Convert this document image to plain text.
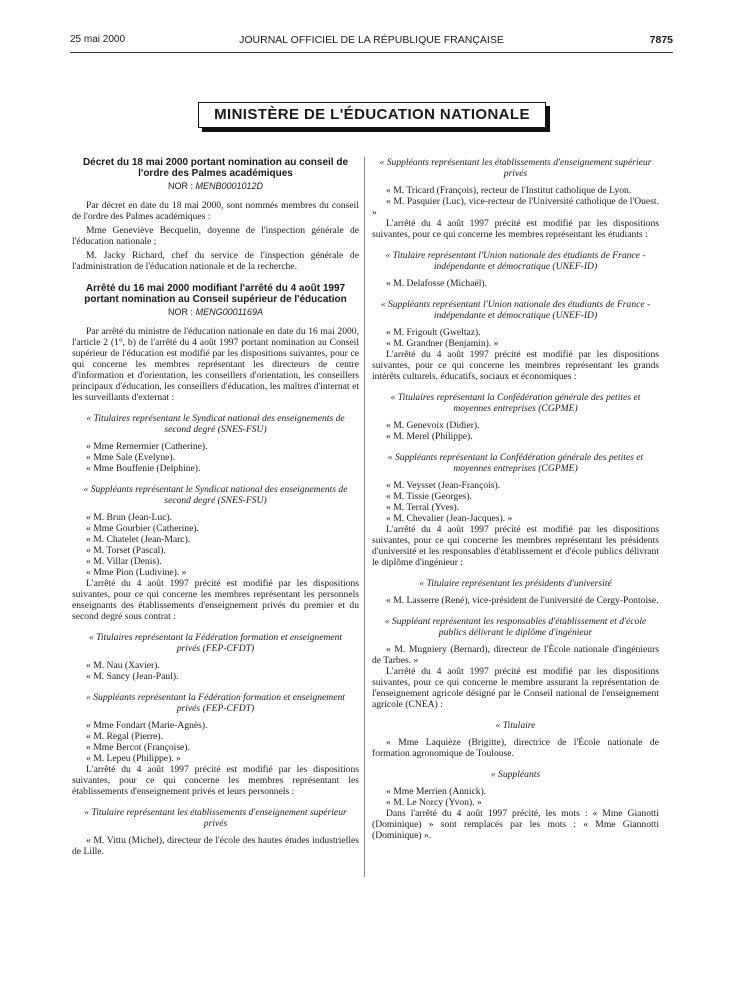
25 mai 2000	JOURNAL OFFICIEL DE LA RÉPUBLIQUE FRANÇAISE	7875
MINISTÈRE DE L'ÉDUCATION NATIONALE
Décret du 18 mai 2000 portant nomination au conseil de l'ordre des Palmes académiques
NOR : MENB0001012D

Par décret en date du 18 mai 2000, sont nommés membres du conseil de l'ordre des Palmes académiques :

Mme Geneviève Becquelin, doyenne de l'inspection générale de l'éducation nationale ;

M. Jacky Richard, chef du service de l'inspection générale de l'administration de l'éducation nationale et de la recherche.

Arrêté du 16 mai 2000 modifiant l'arrêté du 4 août 1997 portant nomination au Conseil supérieur de l'éducation
NOR : MENG0001169A

Par arrêté du ministre de l'éducation nationale en date du 16 mai 2000, l'article 2 (1°, b) de l'arrêté du 4 août 1997 portant nomination au Conseil supérieur de l'éducation est modifié par les dispositions suivantes, pour ce qui concerne les membres représentant les directeurs de centre d'information et d'orientation, les conseillers d'orientation, les conseillers principaux d'éducation, les conseillers d'éducation, les maîtres d'internat et les surveillants d'externat :

« Titulaires représentant le Syndicat national des enseignements de second degré (SNES-FSU)

« Mme Remermier (Catherine).

« Mme Sale (Evelyne).

« Mme Bouffenie (Delphine).

« Suppléants représentant le Syndicat national des enseignements de second degré (SNES-FSU)

« M. Brun (Jean-Luc).

« Mme Gourbier (Catherine).

« M. Chatelet (Jean-Marc).

« M. Torset (Pascal).

« M. Villar (Denis).

« Mme Pion (Ludivine). »

L'arrêté du 4 août 1997 précité est modifié par les dispositions suivantes, pour ce qui concerne les membres représentant les personnels enseignants des établissements d'enseignement privés du premier et du second degré sous contrat :

« Titulaires représentant la Fédération formation et enseignement privés (FEP-CFDT)

« M. Nau (Xavier).

« M. Sancy (Jean-Paul).

« Suppléants représentant la Fédération formation et enseignement privés (FEP-CFDT)

« Mme Fondart (Marie-Agnès).

« M. Regal (Pierre).

« Mme Bercot (Françoise).

« M. Lepeu (Philippe). »

L'arrêté du 4 août 1997 précité est modifié par les dispositions suivantes, pour ce qui concerne les membres représentant les établissements d'enseignement privés et leurs personnels :

« Titulaire représentant les établissements d'enseignement supérieur privés

« M. Vittu (Michel), directeur de l'école des hautes études industrielles de Lille.

« Suppléants représentant les établissements d'enseignement supérieur privés

« M. Tricard (François), recteur de l'Institut catholique de Lyon.

« M. Pasquier (Luc), vice-recteur de l'Université catholique de l'Ouest. »

L'arrêté du 4 août 1997 précité est modifié par les dispositions suivantes, pour ce qui concerne les membres représentant les étudiants :

« Titulaire représentant l'Union nationale des étudiants de France - indépendante et démocratique (UNEF-ID)

« M. Delafosse (Michaël).

« Suppléants représentant l'Union nationale des étudiants de France - indépendante et démocratique (UNEF-ID)

« M. Frigoult (Gweltaz).

« M. Grandner (Benjamin). »

L'arrêté du 4 août 1997 précité est modifié par les dispositions suivantes, pour ce qui concerne les membres représentant les grands intérêts culturels, éducatifs, sociaux et économiques :

« Titulaires représentant la Confédération générale des petites et moyennes entreprises (CGPME)

« M. Genevoix (Didier).

« M. Merel (Philippe).

« Suppléants représentant la Confédération générale des petites et moyennes entreprises (CGPME)

« M. Veysset (Jean-François).

« M. Tissie (Georges).

« M. Terral (Yves).

« M. Chevalier (Jean-Jacques). »

L'arrêté du 4 août 1997 précité est modifié par les dispositions suivantes, pour ce qui concerne les membres représentant les présidents d'université et les responsables d'établissement et d'école publics délivrant le diplôme d'ingénieur :

« Titulaire représentant les présidents d'université

« M. Lasserre (René), vice-président de l'université de Cergy-Pontoise.

« Suppléant représentant les responsables d'établissement et d'école publics délivrant le diplôme d'ingénieur

« M. Mugniery (Bernard), directeur de l'École nationale d'ingénieurs de Tarbes. »

L'arrêté du 4 août 1997 précité est modifié par les dispositions suivantes, pour ce qui concerne le membre assurant la représentation de l'enseignement agricole désigné par le Conseil national de l'enseignement agricole (CNEA) :

« Titulaire

« Mme Laquièze (Brigitte), directrice de l'École nationale de formation agronomique de Toulouse.

« Suppléants

« Mme Merrien (Annick).

« M. Le Norcy (Yvon). »

Dans l'arrêté du 4 août 1997 précité, les mots : « Mme Gianotti (Dominique) » sont remplacés par les mots : « Mme Giannotti (Dominique) ».
